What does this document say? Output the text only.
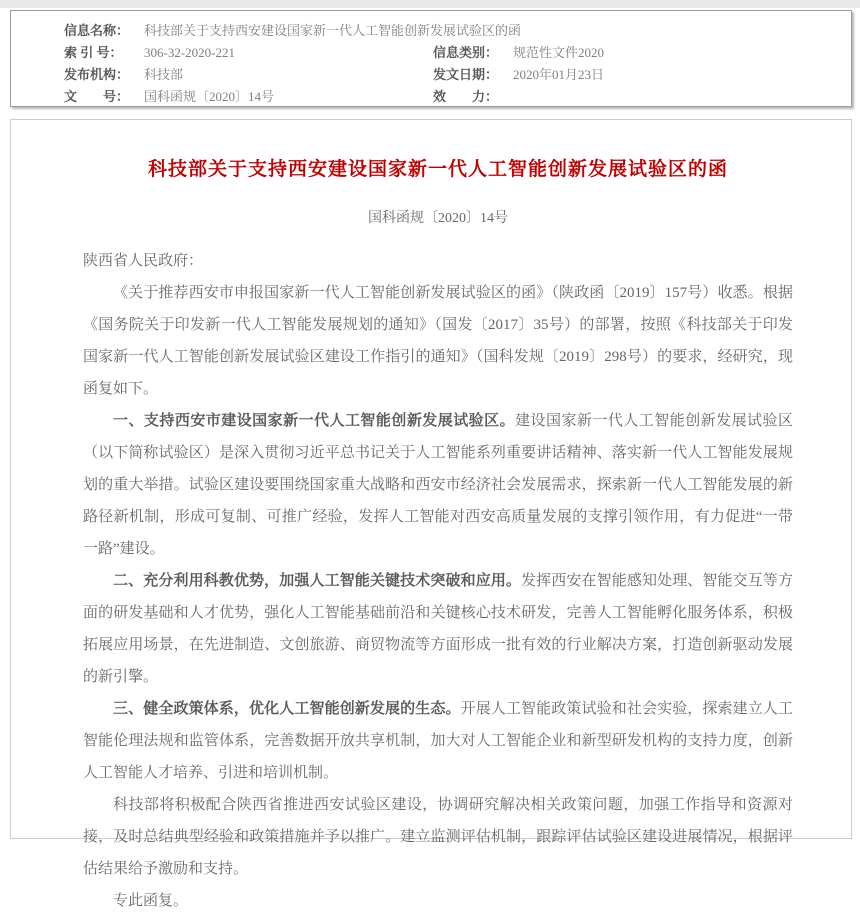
信息名称：	科技部关于支持西安建设国家新一代人工智能创新发展试验区的函
索 引 号：	306-32-2020-221	信息类别：	规范性文件2020
发布机构：	科技部	发文日期：	2020年01月23日
文　　号：	国科函规〔2020〕14号	效　　力：
科技部关于支持西安建设国家新一代人工智能创新发展试验区的函
国科函规〔2020〕14号

陕西省人民政府：

《关于推荐西安市申报国家新一代人工智能创新发展试验区的函》（陕政函〔2019〕157号）收悉。根据《国务院关于印发新一代人工智能发展规划的通知》（国发〔2017〕35号）的部署，按照《科技部关于印发国家新一代人工智能创新发展试验区建设工作指引的通知》（国科发规〔2019〕298号）的要求，经研究，现函复如下。

一、支持西安市建设国家新一代人工智能创新发展试验区。建设国家新一代人工智能创新发展试验区（以下简称试验区）是深入贯彻习近平总书记关于人工智能系列重要讲话精神、落实新一代人工智能发展规划的重大举措。试验区建设要围绕国家重大战略和西安市经济社会发展需求，探索新一代人工智能发展的新路径新机制，形成可复制、可推广经验，发挥人工智能对西安高质量发展的支撑引领作用，有力促进“一带一路”建设。

二、充分利用科教优势，加强人工智能关键技术突破和应用。发挥西安在智能感知处理、智能交互等方面的研发基础和人才优势，强化人工智能基础前沿和关键核心技术研发，完善人工智能孵化服务体系，积极拓展应用场景，在先进制造、文创旅游、商贸物流等方面形成一批有效的行业解决方案，打造创新驱动发展的新引擎。

三、健全政策体系，优化人工智能创新发展的生态。开展人工智能政策试验和社会实验，探索建立人工智能伦理法规和监管体系，完善数据开放共享机制，加大对人工智能企业和新型研发机构的支持力度，创新人工智能人才培养、引进和培训机制。

科技部将积极配合陕西省推进西安试验区建设，协调研究解决相关政策问题，加强工作指导和资源对接，及时总结典型经验和政策措施并予以推广。建立监测评估机制，跟踪评估试验区建设进展情况，根据评估结果给予激励和支持。

专此函复。
